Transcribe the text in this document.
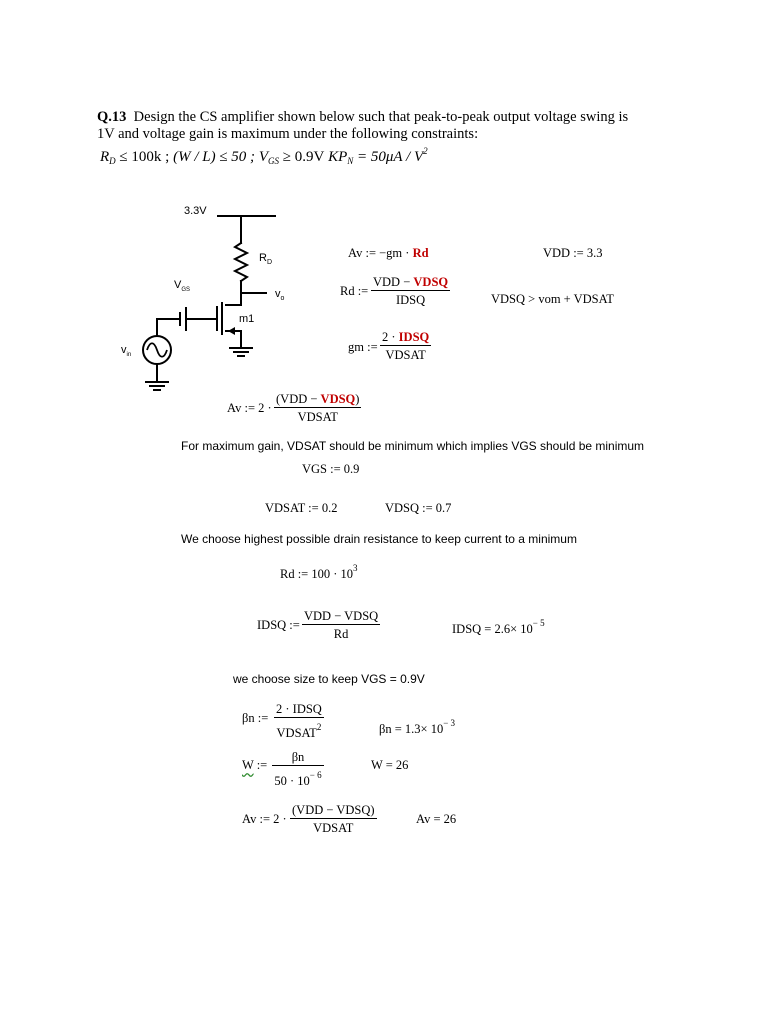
Q.13 Design the CS amplifier shown below such that peak-to-peak output voltage swing is
1V and voltage gain is maximum under the following constraints:
$R_D \le 100k$ ; (W / L) ≤ 50 ; $V_{GS} \ge 0.9V$ $KP_N = 50\mu A / V^2$
3.3V
$R_D$
$V_{GS}$	$v_o$
m1
$v_{in}$
Av := −gm · Rd	VDD := 3.3
Rd :=
VDD − VDSQ
IDSQ	VDSQ > vom + VDSAT
gm :=
2 · IDSQ
VDSAT
Av := 2 ·
(VDD − VDSQ)
VDSAT
For maximum gain, VDSAT should be minimum which implies VGS should be minimum
VGS := 0.9
VDSAT := 0.2	VDSQ := 0.7
We choose highest possible drain resistance to keep current to a minimum
Rd := $100 \cdot 10^3$
IDSQ :=
VDD − VDSQ
Rd	IDSQ = $2.6\times 10^{- 5}$
we choose size to keep VGS = 0.9V
βn :=
2 · IDSQ
VDSAT$^2$	$\beta n = 1.3\times 10^{- 3}$
W := $\frac{\beta n}{50 \cdot 10^{- 6}}$	W = 26
Av := 2 ·
(VDD − VDSQ)
VDSAT
Av = 26
